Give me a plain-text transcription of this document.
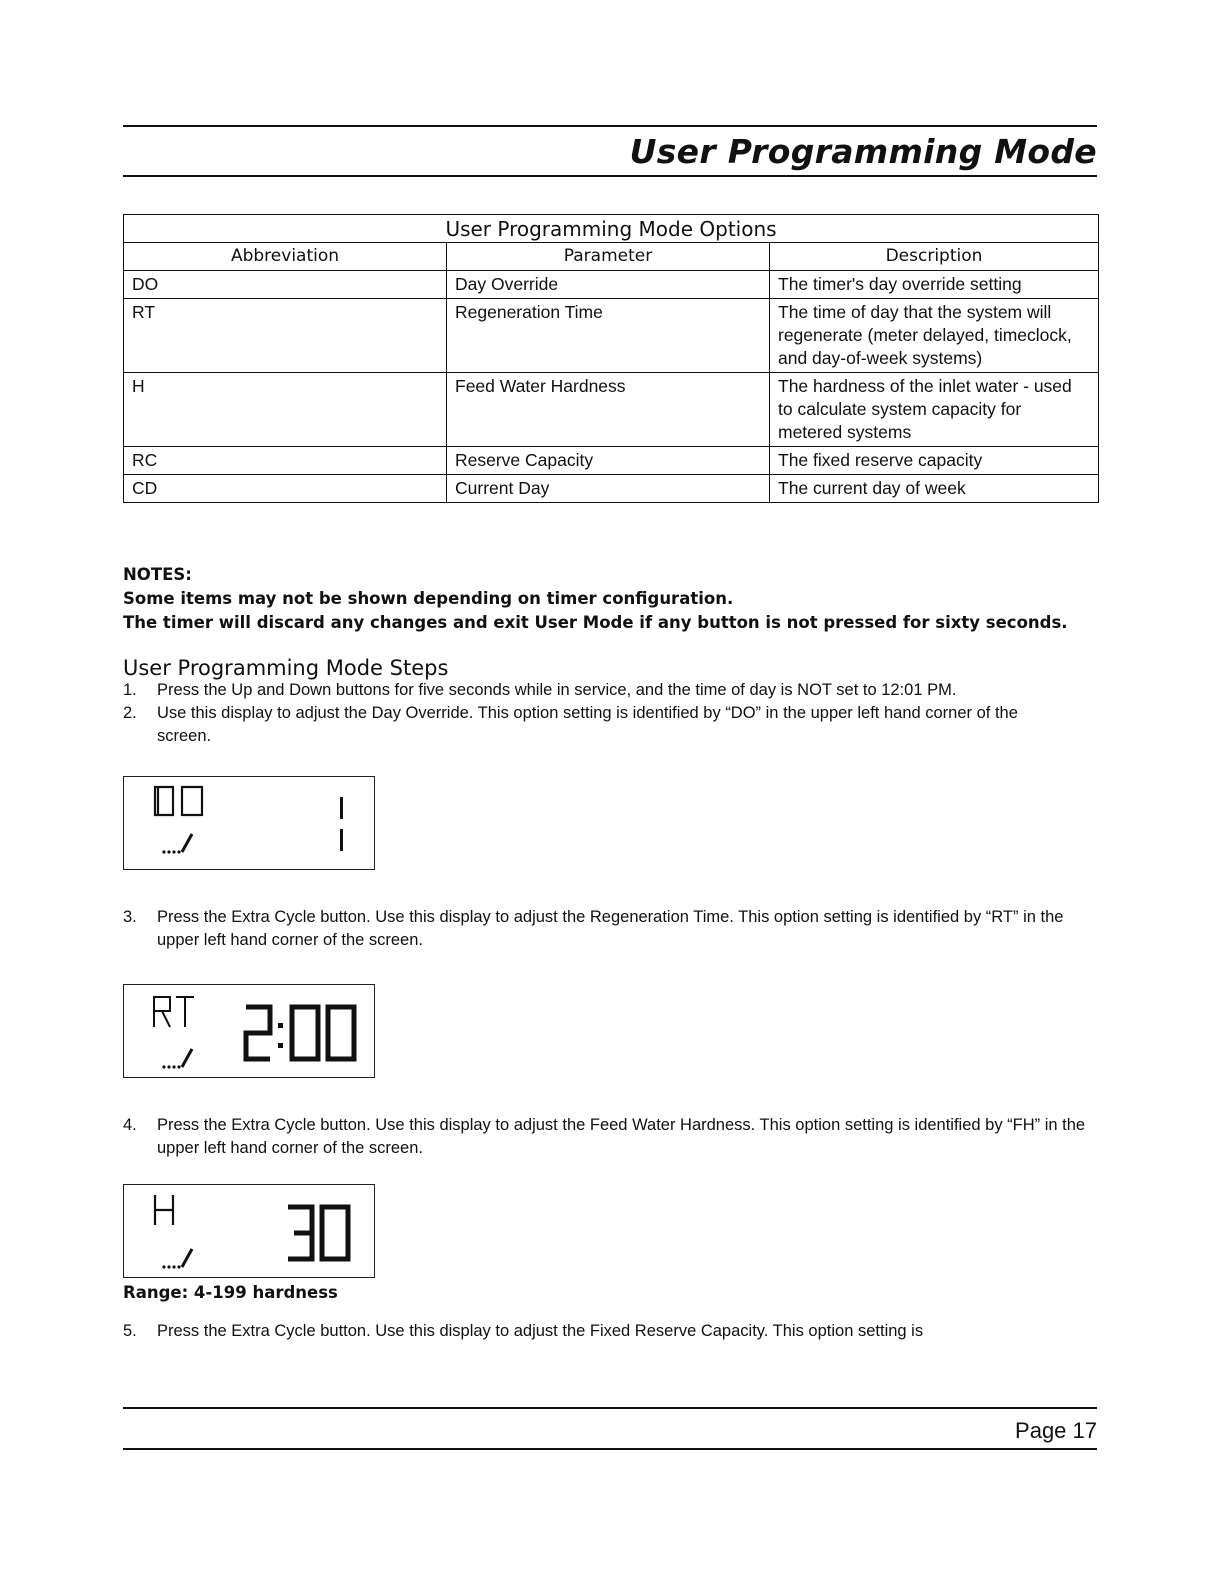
User Programming Mode
User Programming Mode Options		
Abbreviation	Parameter	Description
DO	Day Override	The timer's day override setting
RT	Regeneration Time	The time of day that the system will regenerate (meter delayed, timeclock, and day-of-week systems)
H	Feed Water Hardness	The hardness of the inlet water - used to calculate system capacity for metered systems
RC	Reserve Capacity	The fixed reserve capacity
CD	Current Day	The current day of week
NOTES:
Some items may not be shown depending on timer configuration.
The timer will discard any changes and exit User Mode if any button is not pressed for sixty seconds.
User Programming Mode Steps
1. Press the Up and Down buttons for five seconds while in service, and the time of day is NOT set to 12:01 PM.
2. Use this display to adjust the Day Override. This option setting is identified by “DO” in the upper left hand corner of the screen.
3. Press the Extra Cycle button. Use this display to adjust the Regeneration Time. This option setting is identified by “RT” in the upper left hand corner of the screen.
4. Press the Extra Cycle button. Use this display to adjust the Feed Water Hardness. This option setting is identified by “FH” in the upper left hand corner of the screen.
Range: 4-199 hardness
5. Press the Extra Cycle button. Use this display to adjust the Fixed Reserve Capacity. This option setting is
Page 17
